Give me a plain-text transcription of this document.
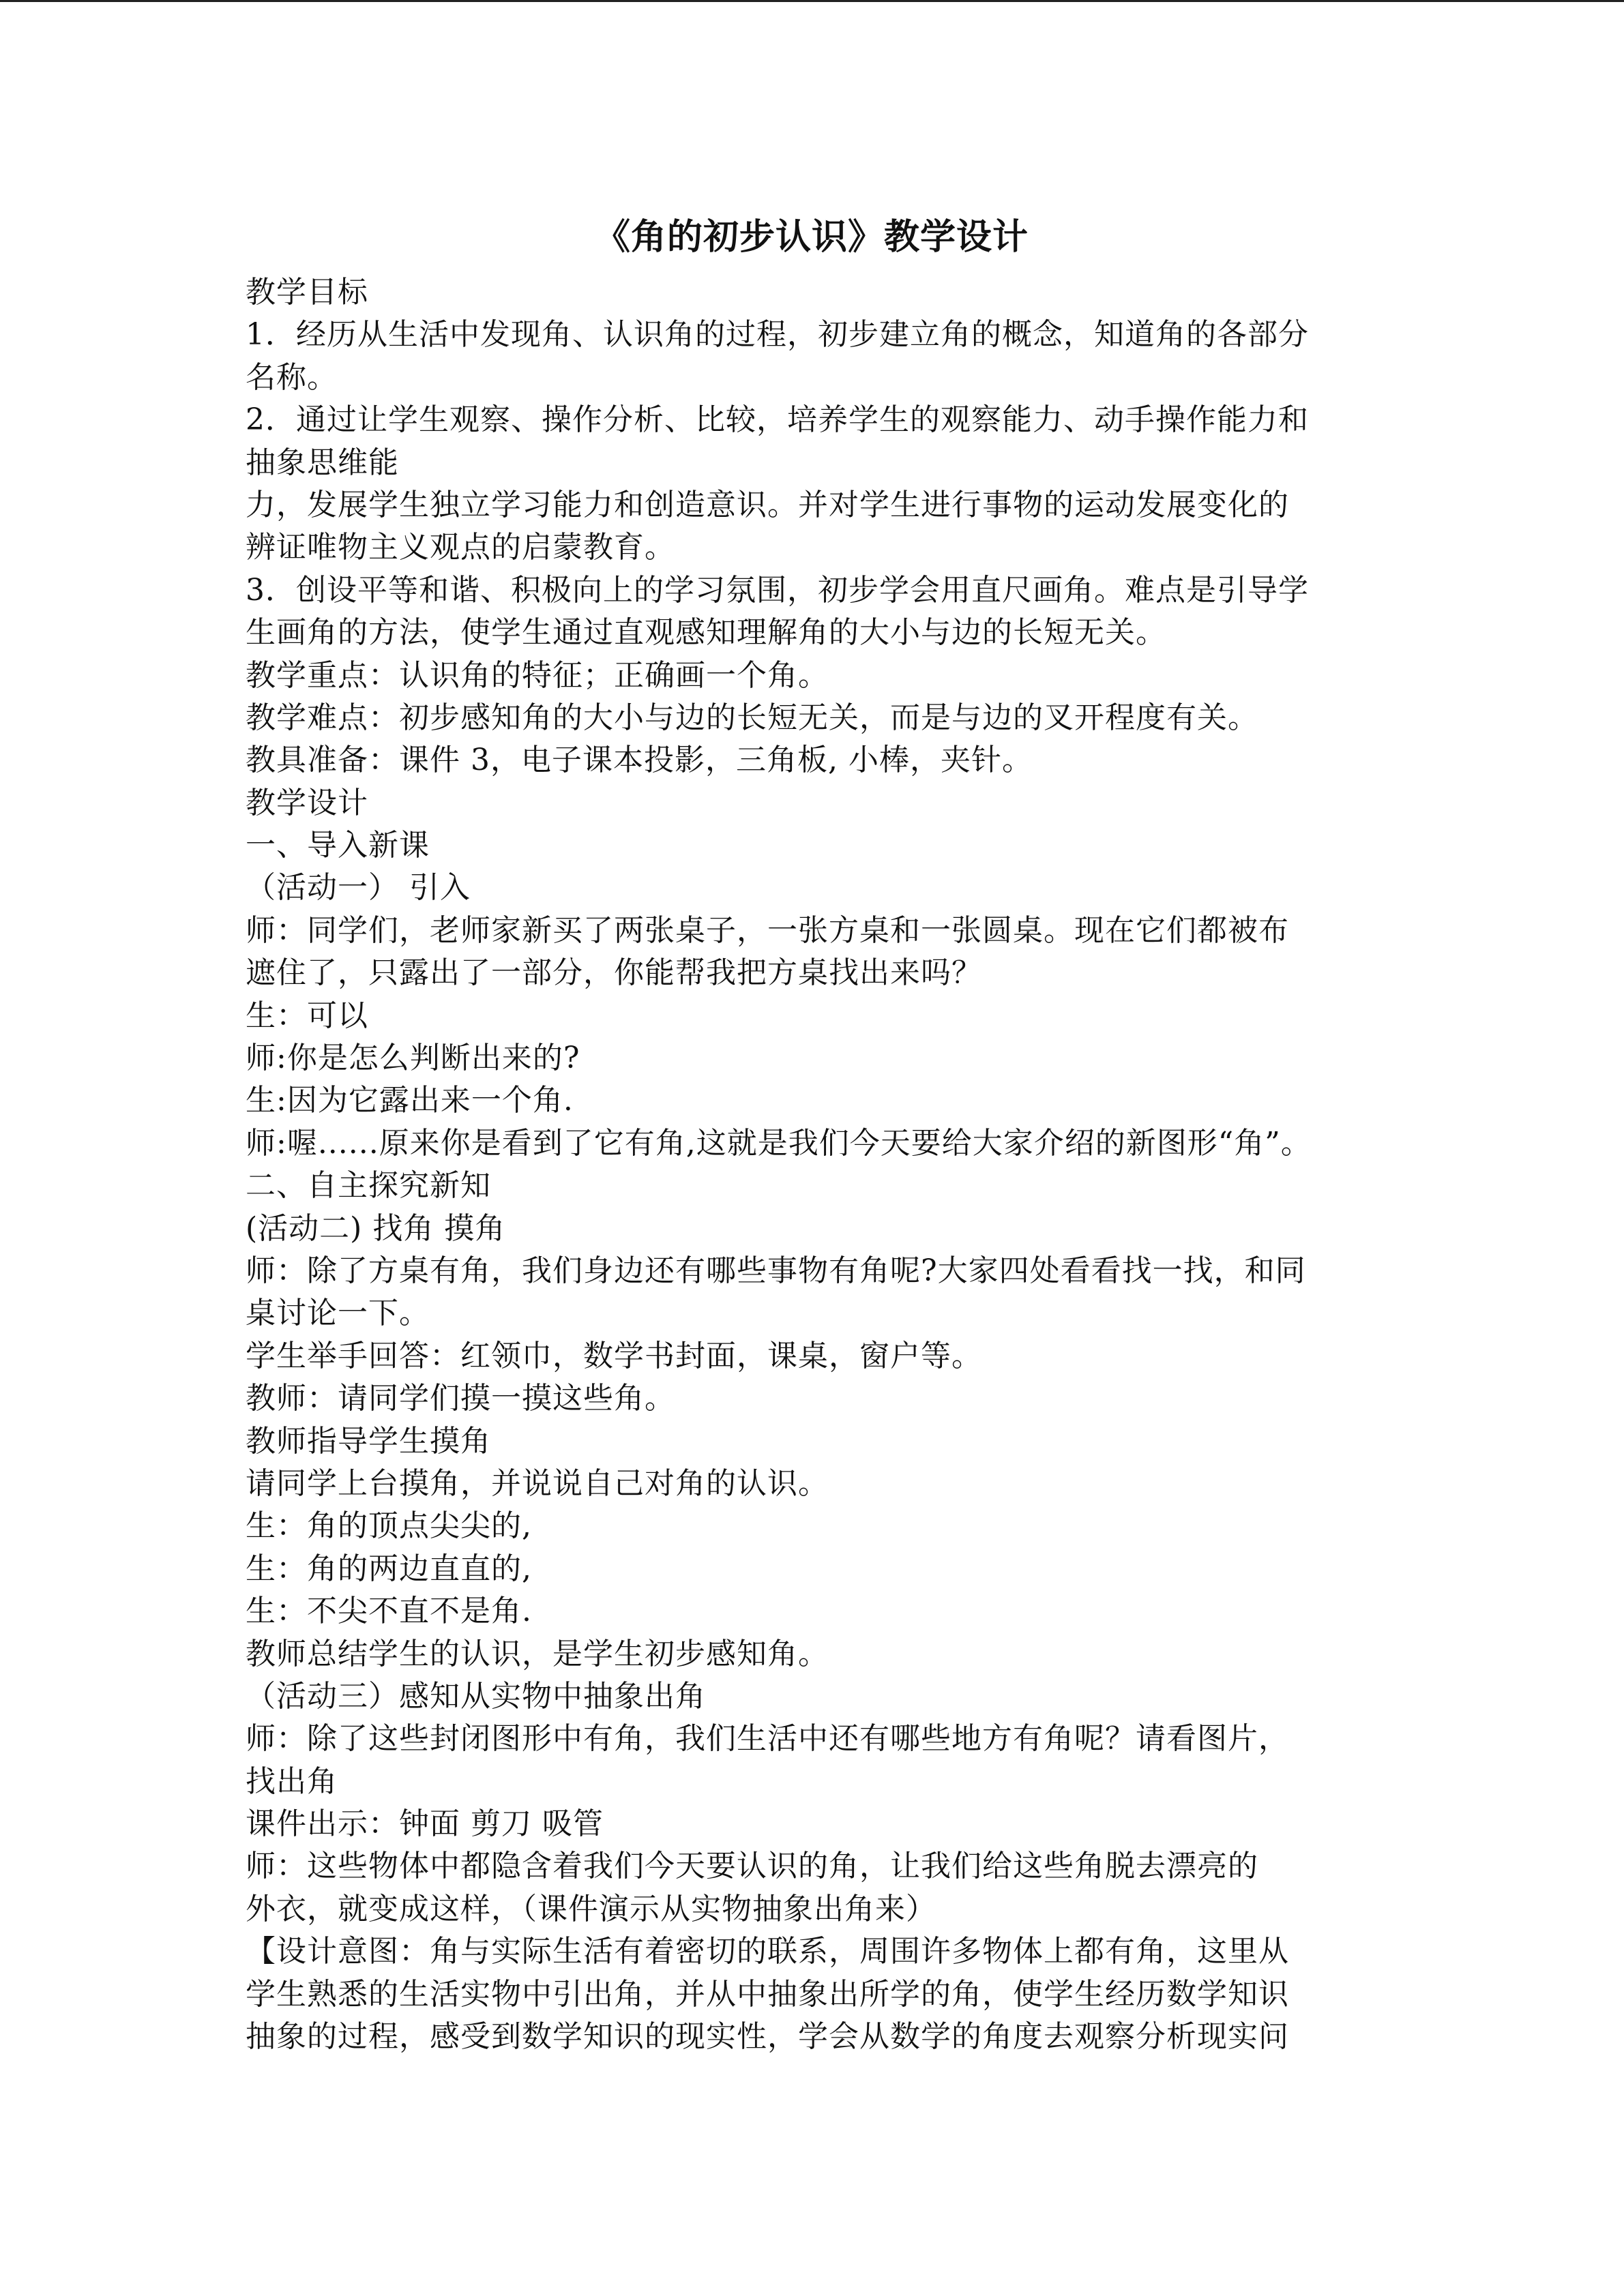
《角的初步认识》教学设计
教学目标
1．经历从生活中发现角、认识角的过程，初步建立角的概念，知道角的各部分
名称。
2．通过让学生观察、操作分析、比较，培养学生的观察能力、动手操作能力和
抽象思维能
力，发展学生独立学习能力和创造意识。并对学生进行事物的运动发展变化的
辨证唯物主义观点的启蒙教育。
3．创设平等和谐、积极向上的学习氛围，初步学会用直尺画角。难点是引导学
生画角的方法，使学生通过直观感知理解角的大小与边的长短无关。
教学重点：认识角的特征；正确画一个角。
教学难点：初步感知角的大小与边的长短无关，而是与边的叉开程度有关。
教具准备：课件 3，电子课本投影，三角板, 小棒，夹针。
教学设计
一、导入新课
（活动一） 引入
师：同学们，老师家新买了两张桌子，一张方桌和一张圆桌。现在它们都被布
遮住了，只露出了一部分，你能帮我把方桌找出来吗？
生：可以
师:你是怎么判断出来的?
生:因为它露出来一个角.
师:喔......原来你是看到了它有角,这就是我们今天要给大家介绍的新图形“角”。
二、自主探究新知
(活动二) 找角 摸角
师：除了方桌有角，我们身边还有哪些事物有角呢?大家四处看看找一找，和同
桌讨论一下。
学生举手回答：红领巾，数学书封面，课桌，窗户等。
教师：请同学们摸一摸这些角。
教师指导学生摸角
请同学上台摸角，并说说自己对角的认识。
生：角的顶点尖尖的,
生：角的两边直直的,
生：不尖不直不是角.
教师总结学生的认识，是学生初步感知角。
（活动三）感知从实物中抽象出角
师：除了这些封闭图形中有角，我们生活中还有哪些地方有角呢？请看图片，
找出角
课件出示：钟面 剪刀 吸管
师：这些物体中都隐含着我们今天要认识的角，让我们给这些角脱去漂亮的
外衣，就变成这样，（课件演示从实物抽象出角来）
【设计意图：角与实际生活有着密切的联系，周围许多物体上都有角，这里从
学生熟悉的生活实物中引出角，并从中抽象出所学的角，使学生经历数学知识
抽象的过程，感受到数学知识的现实性，学会从数学的角度去观察分析现实问
